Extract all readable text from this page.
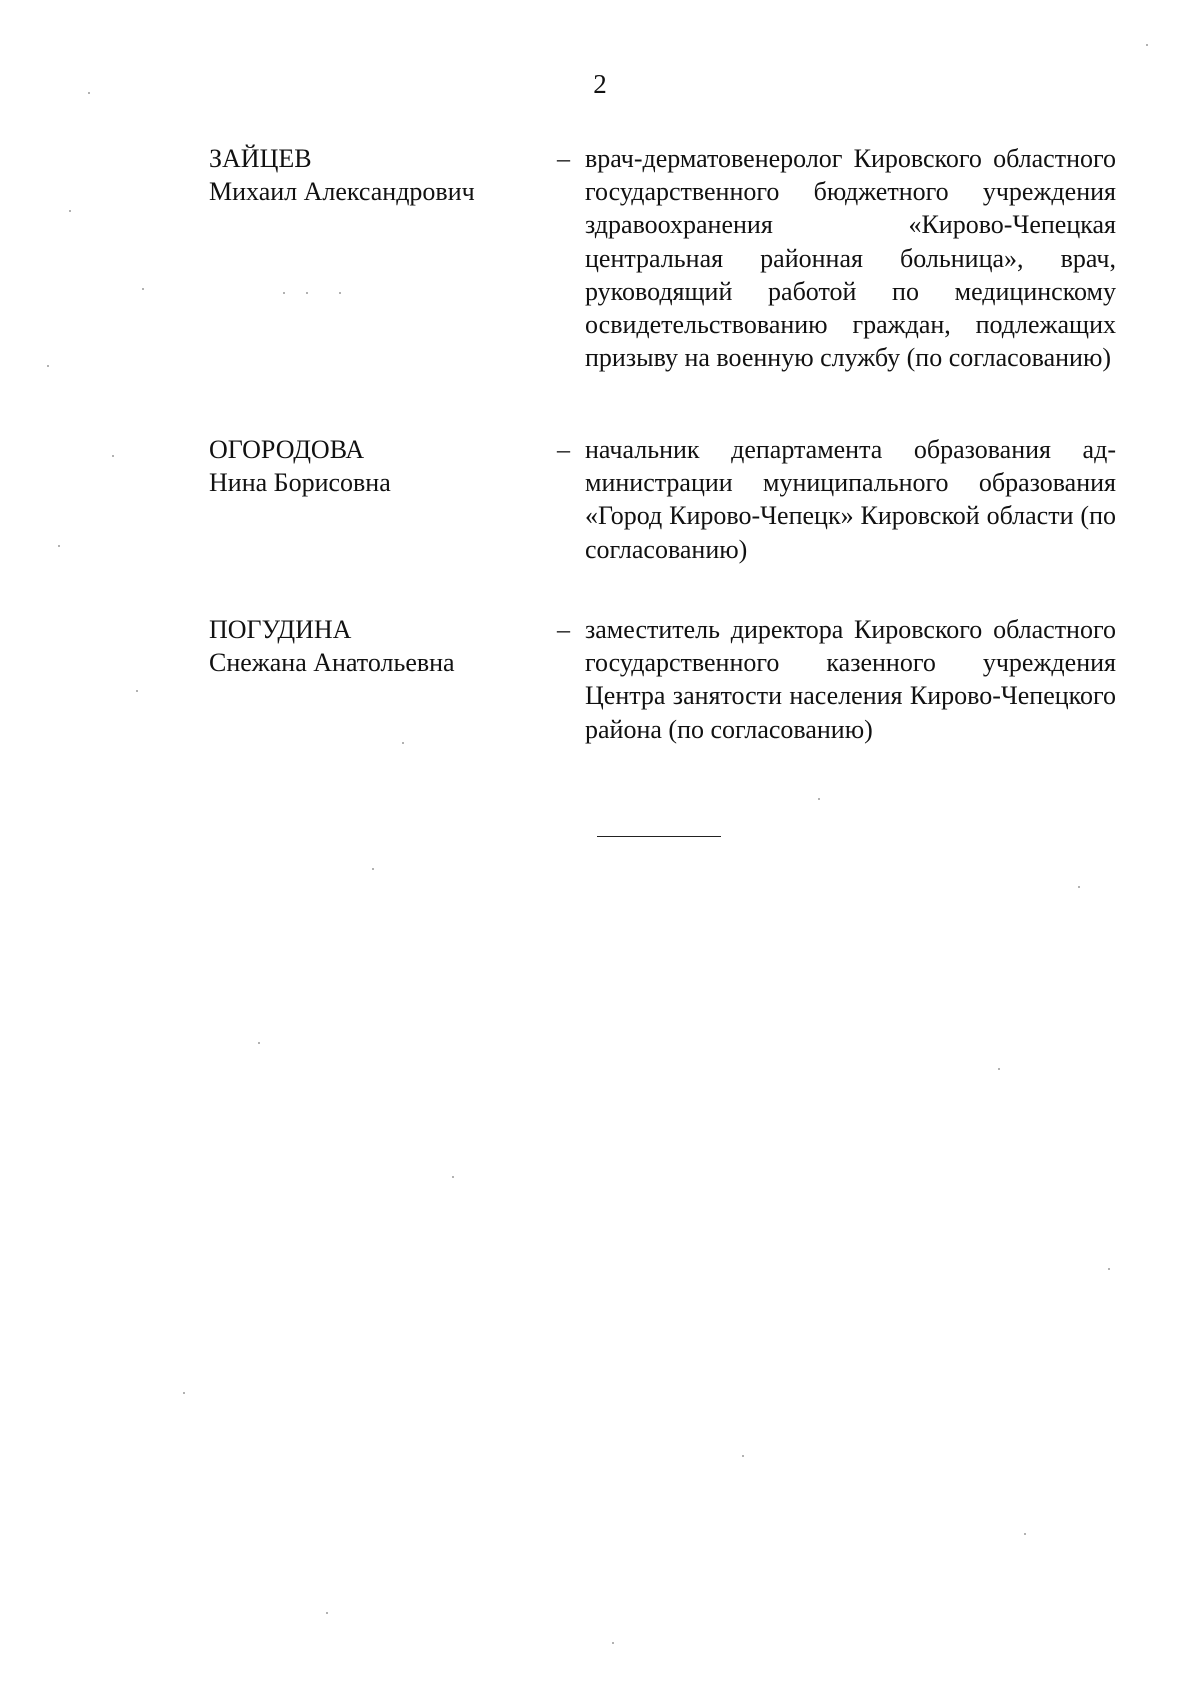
2
ЗАЙЦЕВ
Михаил Александрович
– врач-дерматовенеролог Кировского областного государственного бюджетного учреждения здравоохранения «Кирово-Чепецкая центральная районная больница», врач, руководящий работой по медицинскому освидетельствованию граждан, подлежащих призыву на военную службу (по согласованию)
ОГОРОДОВА
Нина Борисовна
– начальник департамента образования администрации муниципального образования «Город Кирово-Чепецк» Кировской области (по согласованию)
ПОГУДИНА
Снежана Анатольевна
– заместитель директора Кировского областного государственного казенного учреждения Центра занятости населения Кирово-Чепецкого района (по согласованию)
